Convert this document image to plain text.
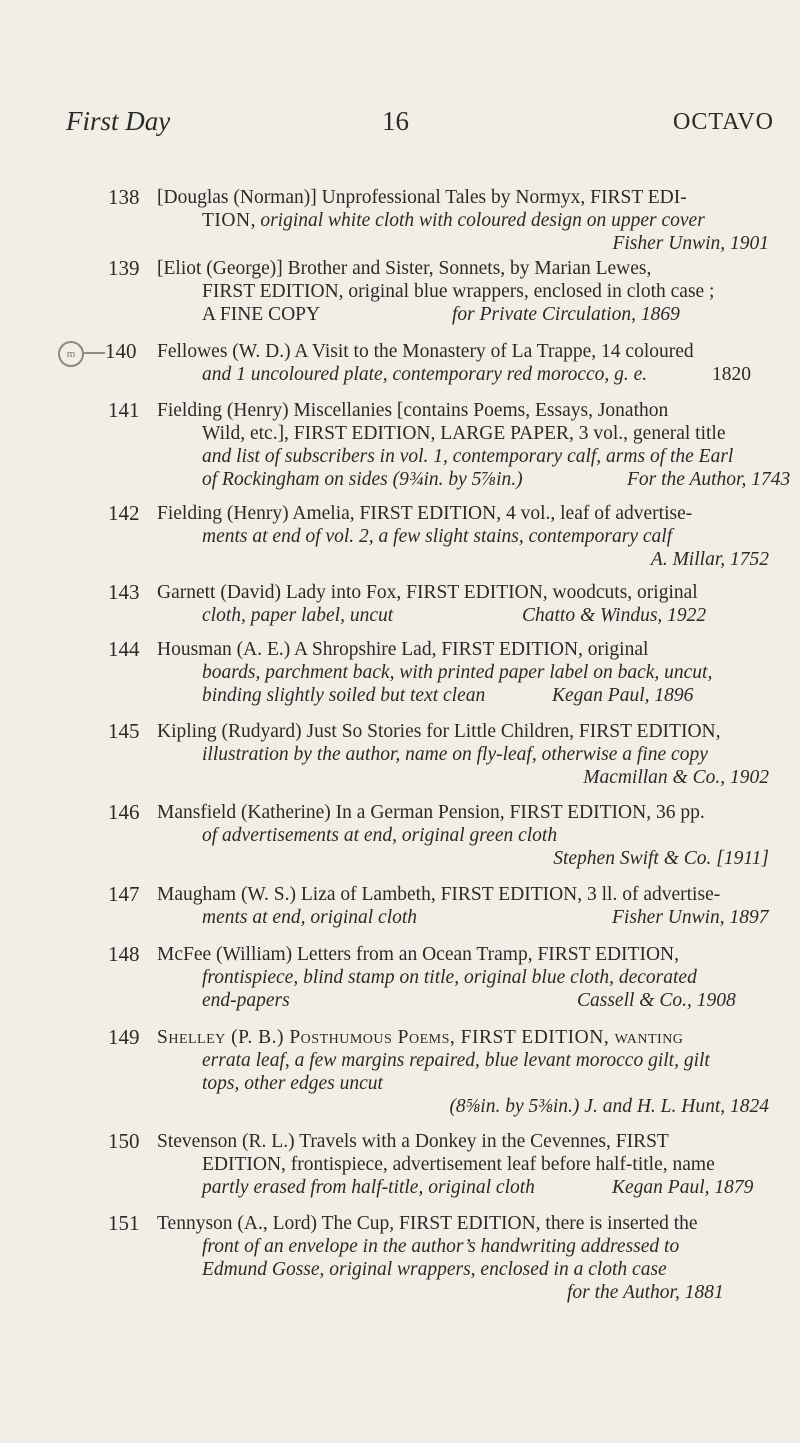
First Day	16	OCTAVO
138 [Douglas (Norman)] Unprofessional Tales by Normyx, FIRST EDI-
TION, original white cloth with coloured design on upper cover
Fisher Unwin, 1901
139 [Eliot (George)] Brother and Sister, Sonnets, by Marian Lewes,
FIRST EDITION, original blue wrappers, enclosed in cloth case ;
A FINE COPY	for Private Circulation, 1869
m —140 Fellowes (W. D.) A Visit to the Monastery of La Trappe, 14 coloured
and 1 uncoloured plate, contemporary red morocco, g. e.	1820
141 Fielding (Henry) Miscellanies [contains Poems, Essays, Jonathon
Wild, etc.], FIRST EDITION, LARGE PAPER, 3 vol., general title
and list of subscribers in vol. 1, contemporary calf, arms of the Earl
of Rockingham on sides (9¾in. by 5⅞in.)	For the Author, 1743
142 Fielding (Henry) Amelia, FIRST EDITION, 4 vol., leaf of advertise-
ments at end of vol. 2, a few slight stains, contemporary calf
A. Millar, 1752
143 Garnett (David) Lady into Fox, FIRST EDITION, woodcuts, original
cloth, paper label, uncut	Chatto & Windus, 1922
144 Housman (A. E.) A Shropshire Lad, FIRST EDITION, original
boards, parchment back, with printed paper label on back, uncut,
binding slightly soiled but text clean	Kegan Paul, 1896
145 Kipling (Rudyard) Just So Stories for Little Children, FIRST EDITION,
illustration by the author, name on fly-leaf, otherwise a fine copy
Macmillan & Co., 1902
146 Mansfield (Katherine) In a German Pension, FIRST EDITION, 36 pp.
of advertisements at end, original green cloth
Stephen Swift & Co. [1911]
147 Maugham (W. S.) Liza of Lambeth, FIRST EDITION, 3 ll. of advertise-
ments at end, original cloth	Fisher Unwin, 1897
148 McFee (William) Letters from an Ocean Tramp, FIRST EDITION,
frontispiece, blind stamp on title, original blue cloth, decorated
end-papers	Cassell & Co., 1908
149 Shelley (P. B.) Posthumous Poems, FIRST EDITION, wanting
errata leaf, a few margins repaired, blue levant morocco gilt, gilt
tops, other edges uncut
(8⅝in. by 5⅜in.) J. and H. L. Hunt, 1824
150 Stevenson (R. L.) Travels with a Donkey in the Cevennes, FIRST
EDITION, frontispiece, advertisement leaf before half-title, name
partly erased from half-title, original cloth	Kegan Paul, 1879
151 Tennyson (A., Lord) The Cup, FIRST EDITION, there is inserted the
front of an envelope in the author’s handwriting addressed to
Edmund Gosse, original wrappers, enclosed in a cloth case
for the Author, 1881
